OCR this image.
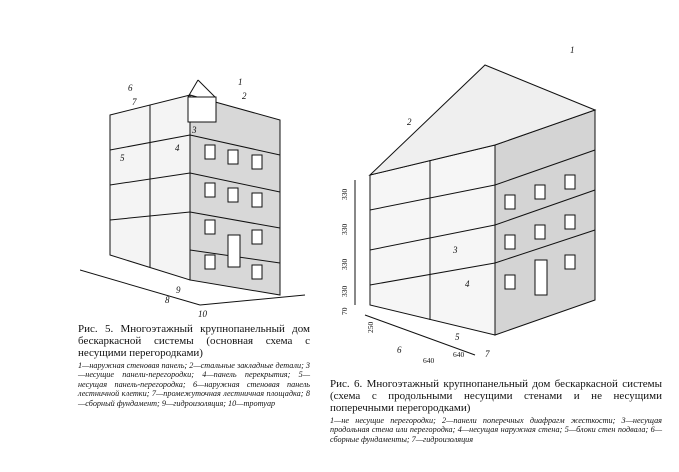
1
2
3
4
5
6
7
8
9
10
1
2
3
4
5
6	7
330
330
330
330
70
250
640
640

Рис. 5. Многоэтажный крупнопанельный дом бескаркасной системы (основная схема с несущими перегородками)

1—наружная стеновая панель; 2—стальные закладные детали; 3—несущие панели-перегородки; 4—панель перекрытия; 5—несущая панель-перегородка; 6—наружная стеновая панель лестничной клетки; 7—промежуточная лестничная площадка; 8—сборный фундамент; 9—гидроизоляция; 10—тротуар

Рис. 6. Многоэтажный крупнопанельный дом бескаркасной системы (схема с продольными несущими стенами и не несущими поперечными перегородками)

1—не несущие перегородки; 2—панели поперечных диафрагм жесткости; 3—несущая продольная стена или перегородка; 4—несущая наружная стена; 5—блоки стен подвала; 6—сборные фундаменты; 7—гидроизоляция
